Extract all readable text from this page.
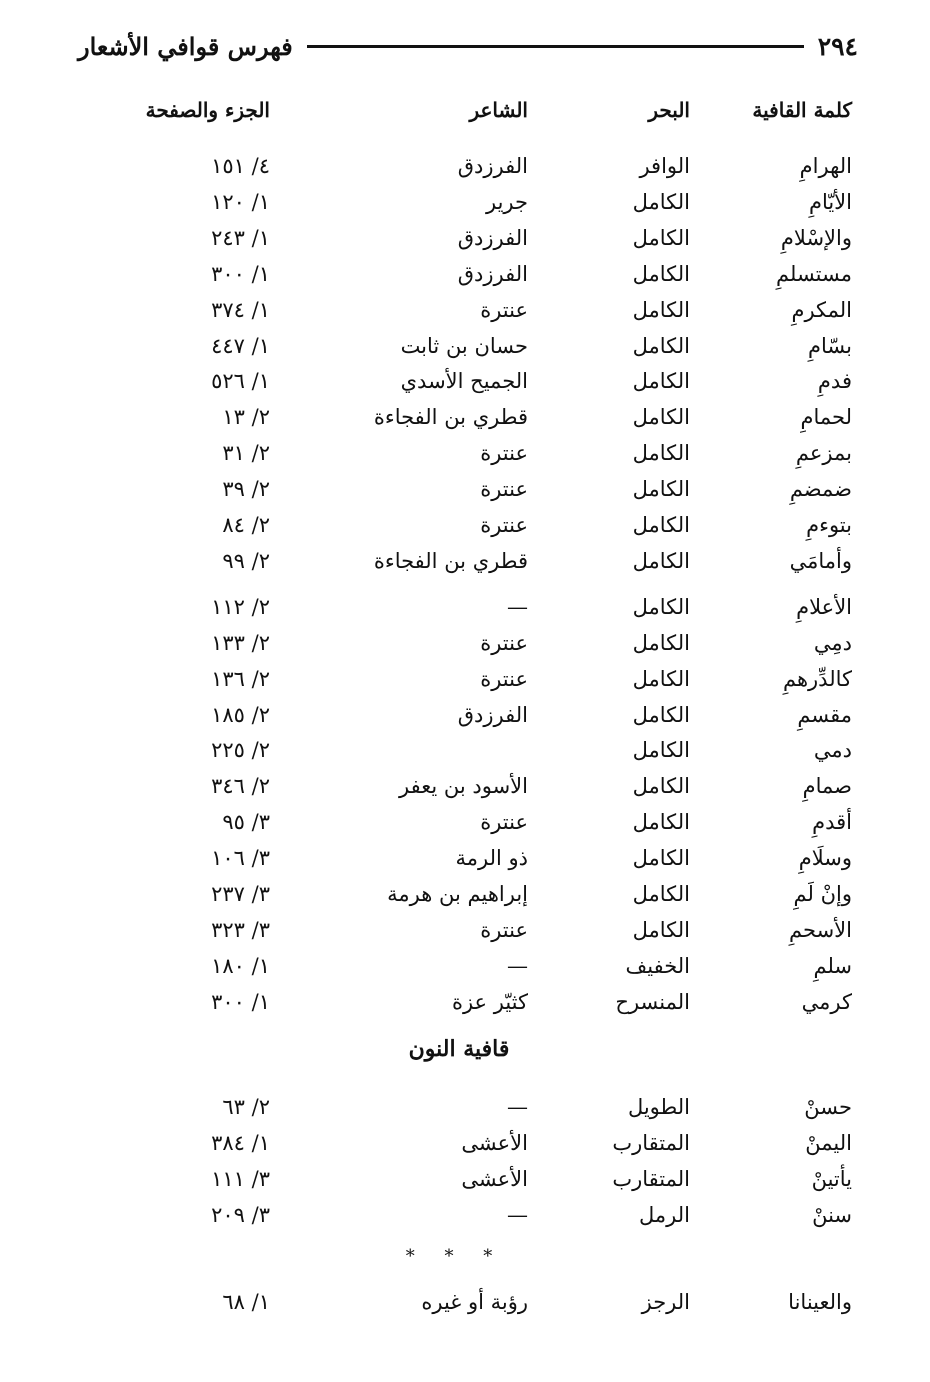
٢٩٤
فهرس قوافي الأشعار
كلمة القافية
البحر
الشاعر
الجزء والصفحة
الهرامِ
الوافر
الفرزدق
٤/ ١٥١
الأيّامِ
الكامل
جرير
١/ ١٢٠
والإسْلامِ
الكامل
الفرزدق
١/ ٢٤٣
مستسلمِ
الكامل
الفرزدق
١/ ٣٠٠
المكرمِ
الكامل
عنترة
١/ ٣٧٤
بسّامِ
الكامل
حسان بن ثابت
١/ ٤٤٧
فدمِ
الكامل
الجميح الأسدي
١/ ٥٢٦
لحمامِ
الكامل
قطري بن الفجاءة
٢/ ١٣
بمزعمِ
الكامل
عنترة
٢/ ٣١
ضمضمِ
الكامل
عنترة
٢/ ٣٩
بتوءمِ
الكامل
عنترة
٢/ ٨٤
وأمامَي
الكامل
قطري بن الفجاءة
٢/ ٩٩
الأعلامِ
الكامل
—
٢/ ١١٢
دمِي
الكامل
عنترة
٢/ ١٣٣
كالدِّرهمِ
الكامل
عنترة
٢/ ١٣٦
مقسمِ
الكامل
الفرزدق
٢/ ١٨٥
دمي
الكامل
٢/ ٢٢٥
صمامِ
الكامل
الأسود بن يعفر
٢/ ٣٤٦
أقدمِ
الكامل
عنترة
٣/ ٩٥
وسلَامِ
الكامل
ذو الرمة
٣/ ١٠٦
وإنْ لَمِ
الكامل
إبراهيم بن هرمة
٣/ ٢٣٧
الأسحمِ
الكامل
عنترة
٣/ ٣٢٣
سلمِ
الخفيف
—
١/ ١٨٠
كرمي
المنسرح
كثيّر عزة
١/ ٣٠٠
قافية النون
حسنْ
الطويل
—
٢/ ٦٣
اليمنْ
المتقارب
الأعشى
١/ ٣٨٤
يأتينْ
المتقارب
الأعشى
٣/ ١١١
سننْ
الرمل
—
٣/ ٢٠٩
* * *
والعينانا
الرجز
رؤبة أو غيره
١/ ٦٨
